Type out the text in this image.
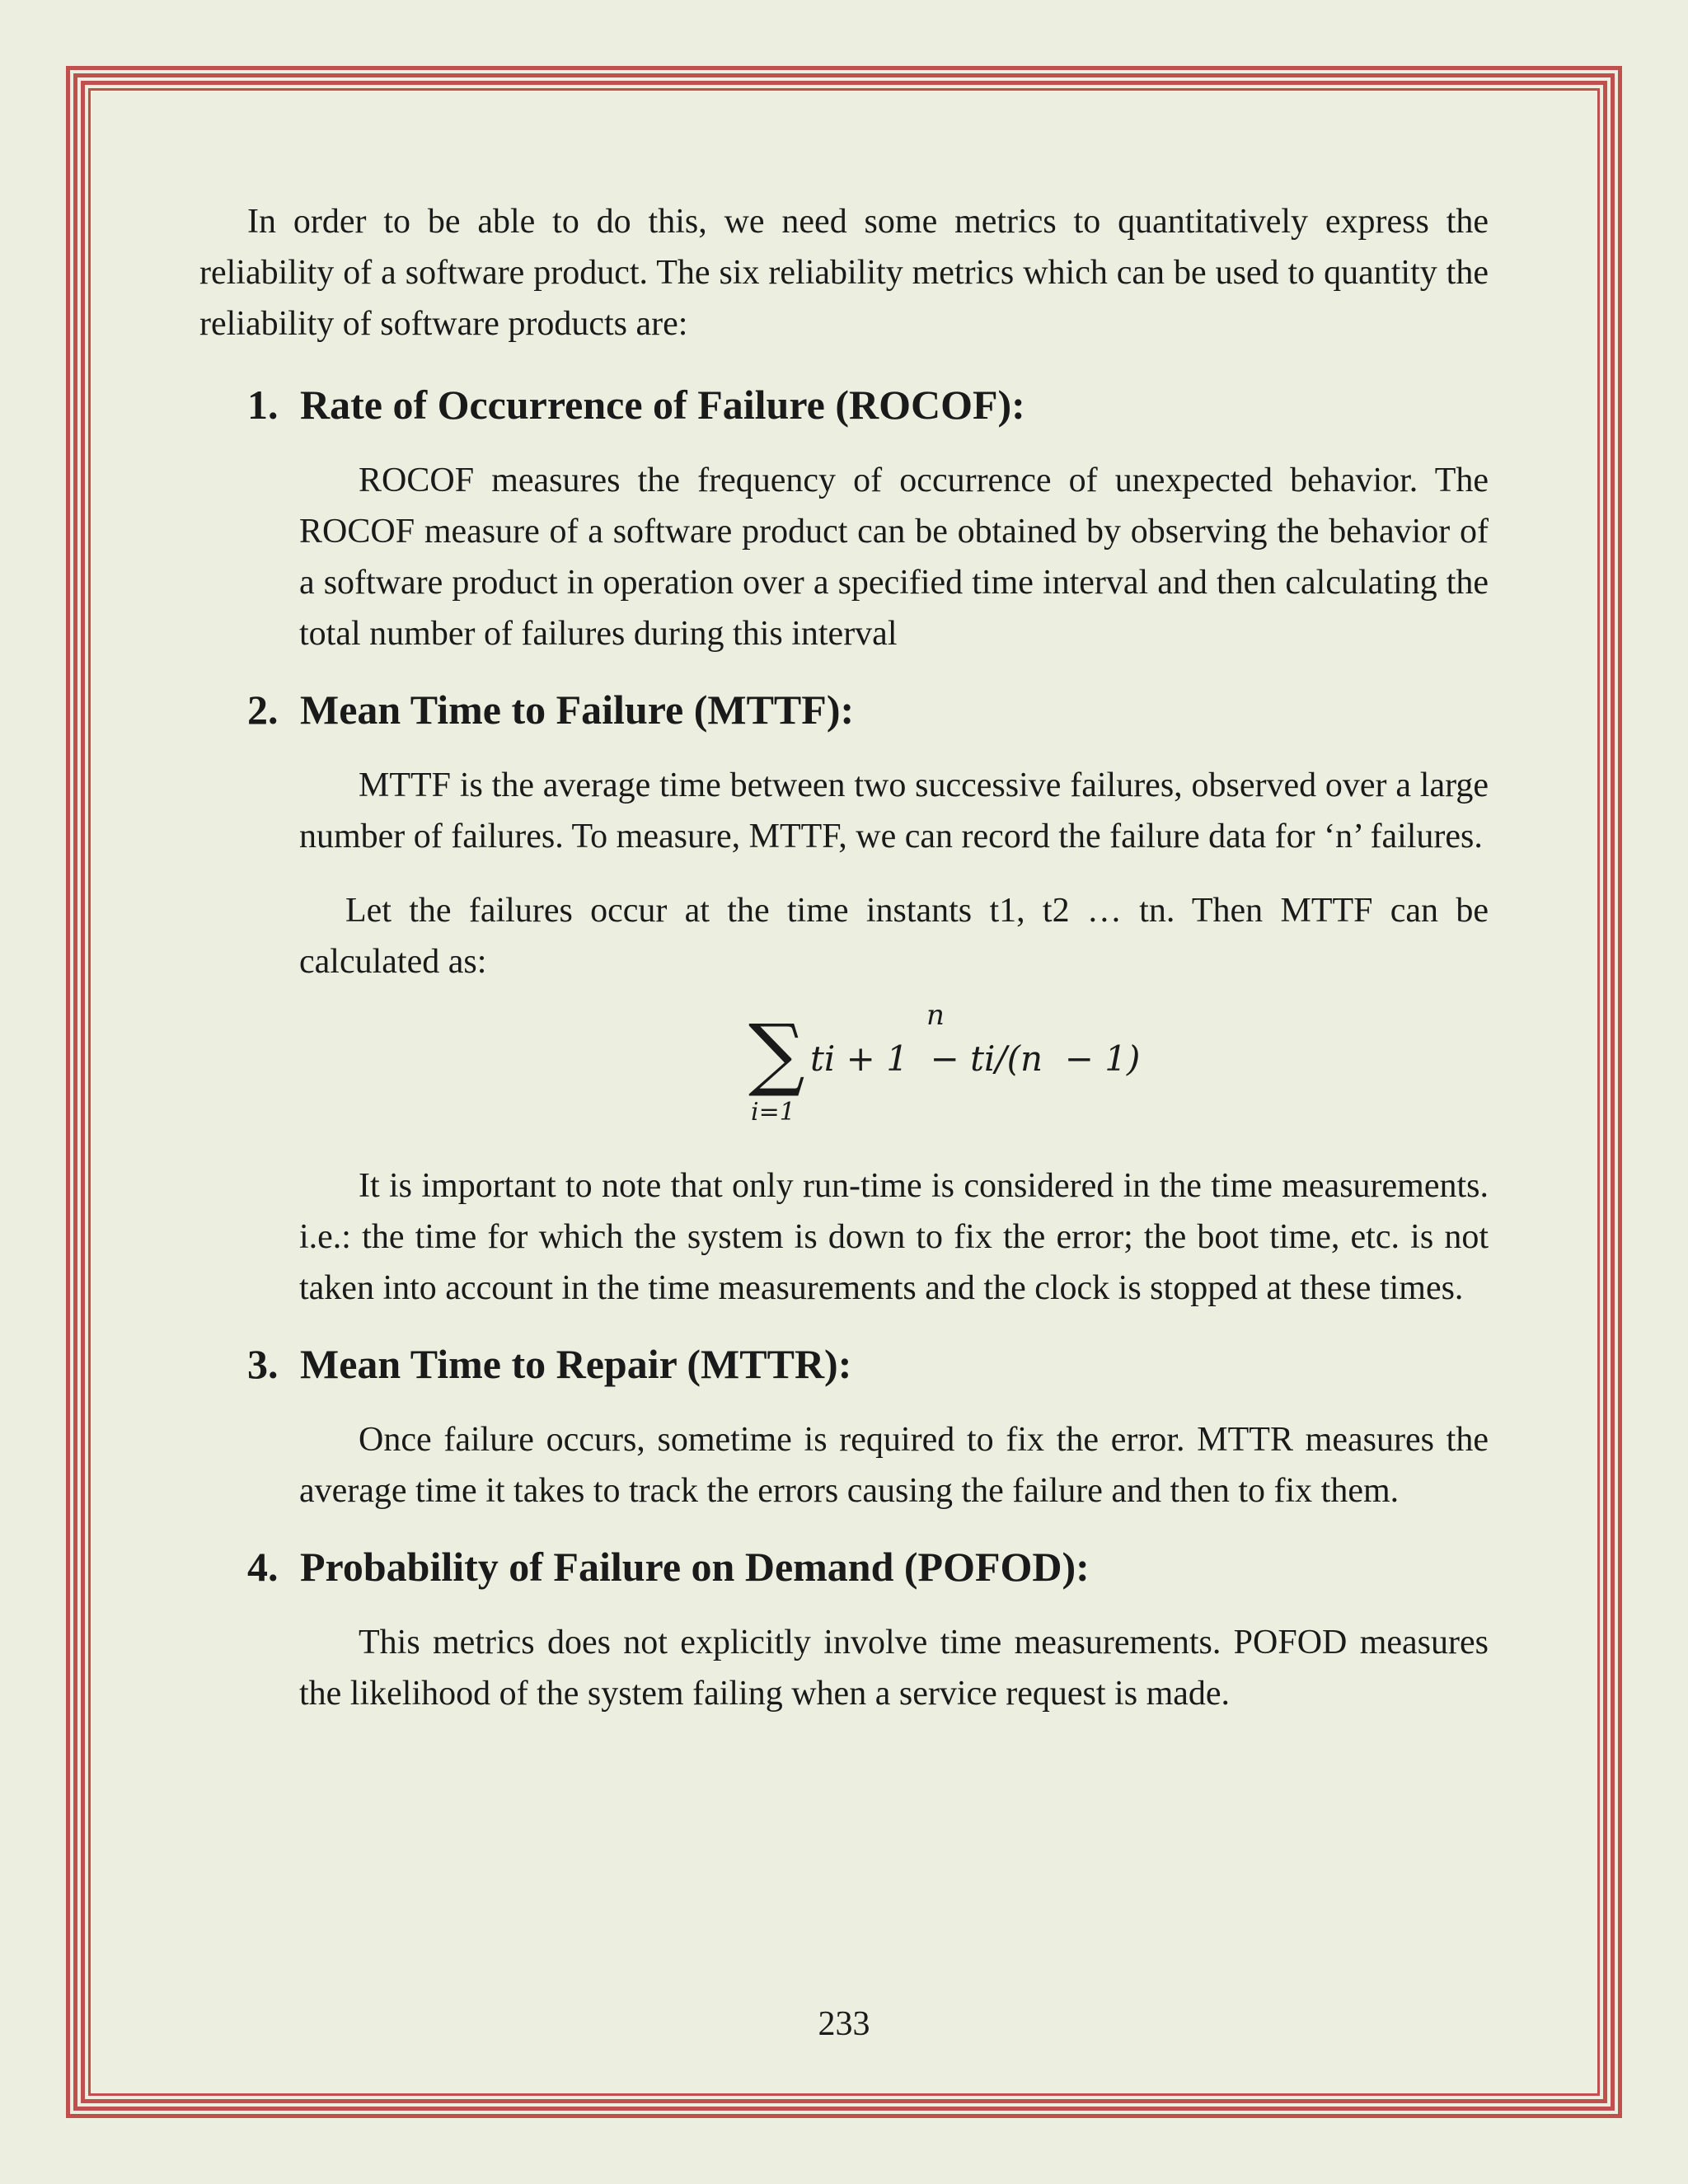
In order to be able to do this, we need some metrics to quantitatively express the reliability of a software product. The six reliability metrics which can be used to quantity the reliability of software products are:

1. Rate of Occurrence of Failure (ROCOF):

ROCOF measures the frequency of occurrence of unexpected behavior. The ROCOF measure of a software product can be obtained by observing the behavior of a software product in operation over a specified time interval and then calculating the total number of failures during this interval

2. Mean Time to Failure (MTTF):

MTTF is the average time between two successive failures, observed over a large number of failures. To measure, MTTF, we can record the failure data for ‘n’ failures.

Let the failures occur at the time instants t1, t2 … tn. Then MTTF can be calculated as:

n
∑
i=1
ti + 1  − ti/(n  − 1)

It is important to note that only run-time is considered in the time measurements. i.e.: the time for which the system is down to fix the error; the boot time, etc. is not taken into account in the time measurements and the clock is stopped at these times.

3. Mean Time to Repair (MTTR):

Once failure occurs, sometime is required to fix the error. MTTR measures the average time it takes to track the errors causing the failure and then to fix them.

4. Probability of Failure on Demand (POFOD):

This metrics does not explicitly involve time measurements. POFOD measures the likelihood of the system failing when a service request is made.

233
